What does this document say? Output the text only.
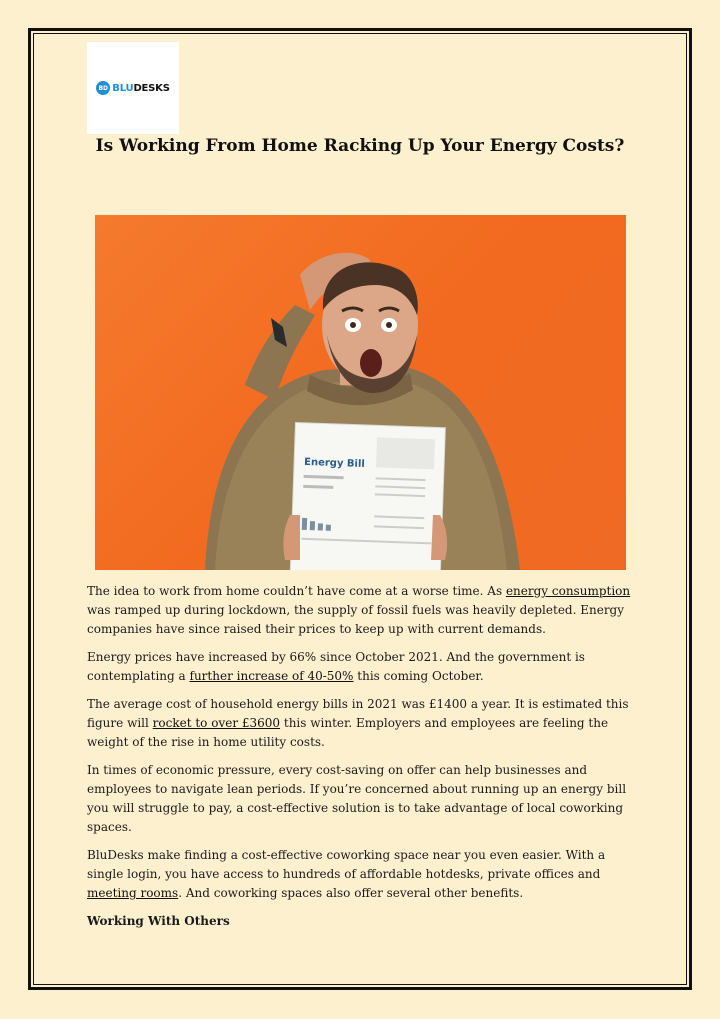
BD BLUDESKS
Is Working From Home Racking Up Your Energy Costs?
Energy Bill

The idea to work from home couldn’t have come at a worse time. As energy consumption was ramped up during lockdown, the supply of fossil fuels was heavily depleted. Energy companies have since raised their prices to keep up with current demands.

Energy prices have increased by 66% since October 2021. And the government is contemplating a further increase of 40-50% this coming October.

The average cost of household energy bills in 2021 was £1400 a year. It is estimated this figure will rocket to over £3600 this winter. Employers and employees are feeling the weight of the rise in home utility costs.

In times of economic pressure, every cost-saving on offer can help businesses and employees to navigate lean periods. If you’re concerned about running up an energy bill you will struggle to pay, a cost-effective solution is to take advantage of local coworking spaces.

BluDesks make finding a cost-effective coworking space near you even easier. With a single login, you have access to hundreds of affordable hotdesks, private offices and meeting rooms. And coworking spaces also offer several other benefits.

Working With Others
